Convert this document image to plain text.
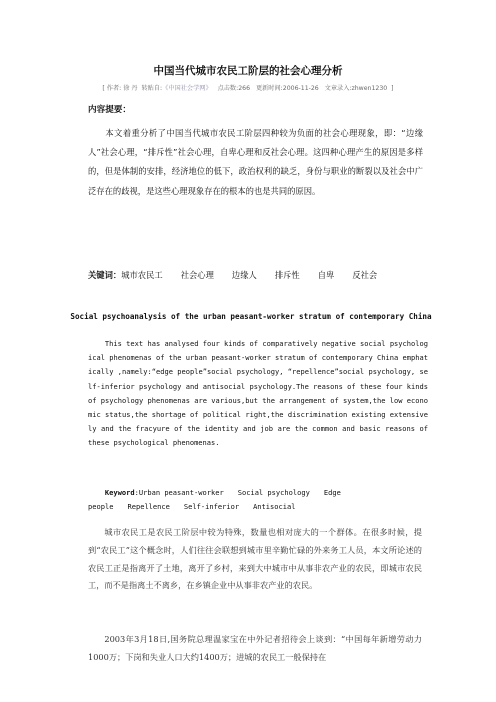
中国当代城市农民工阶层的社会心理分析
[ 作者: 徐 丹 转贴自:《中国社会学网》 点击数:266 更新时间:2006-11-26 文章录入:zhwen1230 ]
内容提要：

本文着重分析了中国当代城市农民工阶层四种较为负面的社会心理现象，即：“边缘人”社会心理，“排斥性”社会心理，自卑心理和反社会心理。这四种心理产生的原因是多样的，但是体制的安排，经济地位的低下，政治权利的缺乏，身份与职业的断裂以及社会中广泛存在的歧视，是这些心理现象存在的根本的也是共同的原因。

关键词：城市农民工 社会心理 边缘人 排斥性 自卑 反社会

Social psychoanalysis of the urban peasant-worker stratum of contemporary China

This text has analysed four kinds of comparatively negative social psychological phenomenas of the urban peasant-worker stratum of contemporary China emphatically ,namely:“edge people”social psychology, “repellence”social psychology, self-inferior psychology and antisocial psychology.The reasons of these four kinds of psychology phenomenas are various,but the arrangement of system,the low economic status,the shortage of political right,the discrimination existing extensively and the fracyure of the identity and job are the common and basic reasons of these psychological phenomenas.

Keyword:Urban peasant-worker Social psychology Edge people Repellence Self-inferior Antisocial

城市农民工是农民工阶层中较为特殊，数量也相对庞大的一个群体。在很多时候，提到“农民工”这个概念时，人们往往会联想到城市里辛勤忙碌的外来务工人员，本文所论述的农民工正是指离开了土地，离开了乡村，来到大中城市中从事非农产业的农民，即城市农民工，而不是指离土不离乡，在乡镇企业中从事非农产业的农民。

2003年3月18日,国务院总理温家宝在中外记者招待会上谈到：“中国每年新增劳动力1000万；下岗和失业人口大约1400万；进城的农民工一般保持在
